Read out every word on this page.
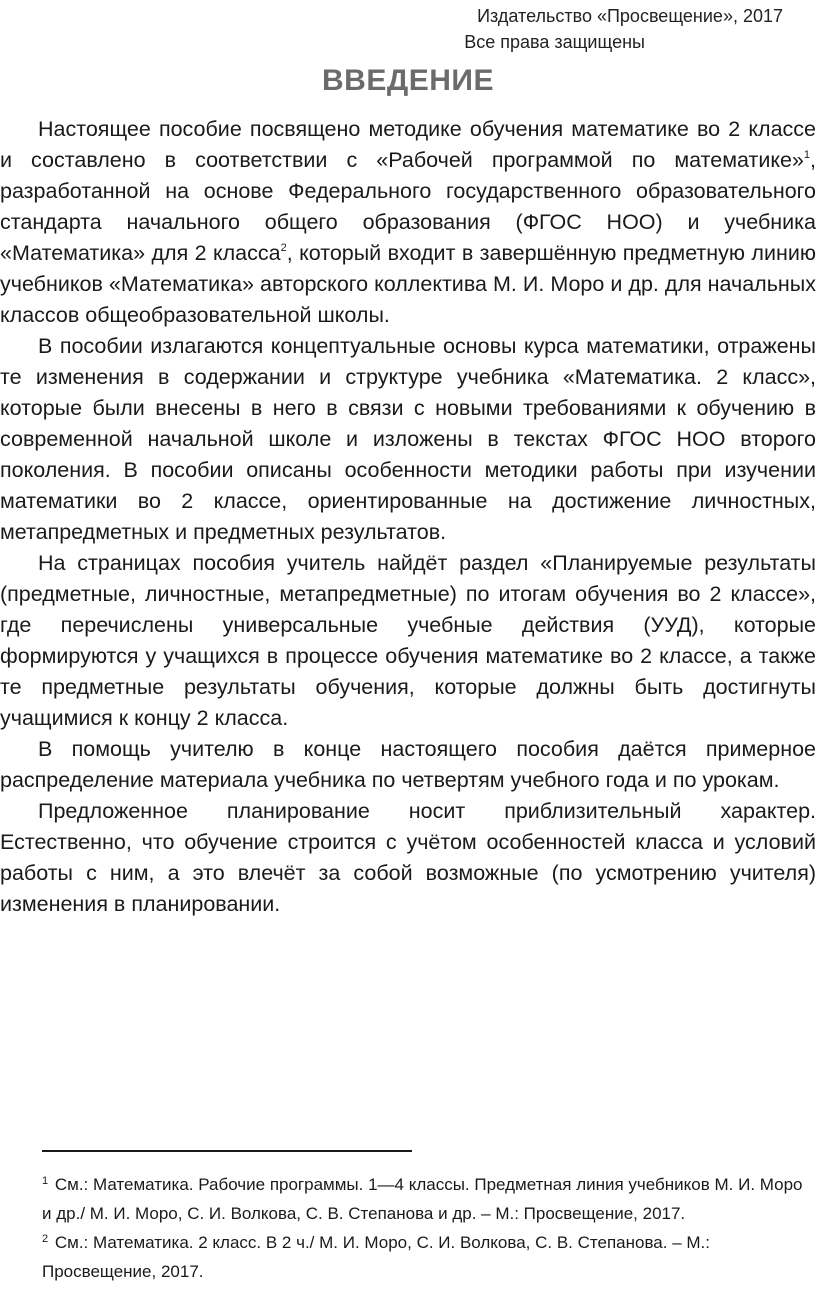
Издательство «Просвещение», 2017
Все права защищены
ВВЕДЕНИЕ

Настоящее пособие посвящено методике обучения математике во 2 классе и составлено в соответствии с «Рабочей программой по математике»$^1$, разработанной на основе Федерального государственного образовательного стандарта начального общего образования (ФГОС НОО) и учебника «Математика» для 2 класса$^2$, который входит в завершённую предметную линию учебников «Математика» авторского коллектива М. И. Моро и др. для начальных классов общеобразовательной школы.

В пособии излагаются концептуальные основы курса математики, отражены те изменения в содержании и структуре учебника «Математика. 2 класс», которые были внесены в него в связи с новыми требованиями к обучению в современной начальной школе и изложены в текстах ФГОС НОО второго поколения. В пособии описаны особенности методики работы при изучении математики во 2 классе, ориентированные на достижение личностных, метапредметных и предметных результатов.

На страницах пособия учитель найдёт раздел «Планируемые результаты (предметные, личностные, метапредметные) по итогам обучения во 2 классе», где перечислены универсальные учебные действия (УУД), которые формируются у учащихся в процессе обучения математике во 2 классе, а также те предметные результаты обучения, которые должны быть достигнуты учащимися к концу 2 класса.

В помощь учителю в конце настоящего пособия даётся примерное распределение материала учебника по четвертям учебного года и по урокам.

Предложенное планирование носит приблизительный характер. Естественно, что обучение строится с учётом особенностей класса и условий работы с ним, а это влечёт за собой возможные (по усмотрению учителя) изменения в планировании.

$^1$ См.: Математика. Рабочие программы. 1—4 классы. Предметная линия учебников М. И. Моро и др./ М. И. Моро, С. И. Волкова, С. В. Степанова и др. – М.: Просвещение, 2017.

$^2$ См.: Математика. 2 класс. В 2 ч./ М. И. Моро, С. И. Волкова, С. В. Степанова. – М.: Просвещение, 2017.
